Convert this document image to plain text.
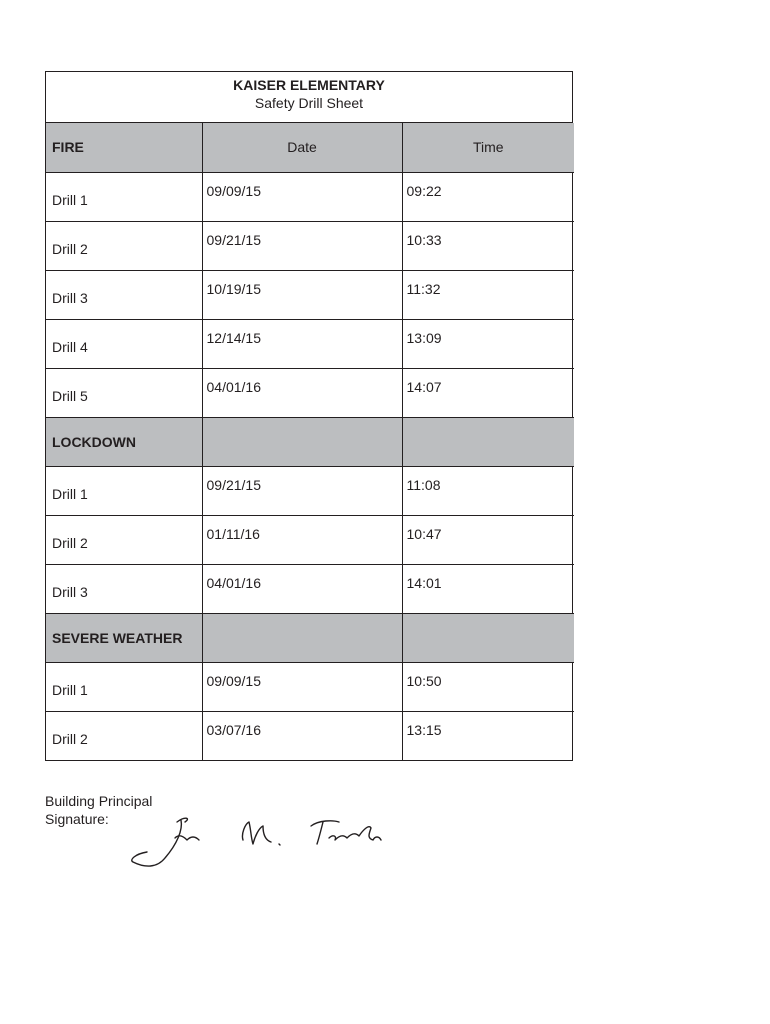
KAISER ELEMENTARY
Safety Drill Sheet
FIRE	Date	Time
Drill 1	09/09/15	09:22
Drill 2	09/21/15	10:33
Drill 3	10/19/15	11:32
Drill 4	12/14/15	13:09
Drill 5	04/01/16	14:07
LOCKDOWN		
Drill 1	09/21/15	11:08
Drill 2	01/11/16	10:47
Drill 3	04/01/16	14:01
SEVERE WEATHER		
Drill 1	09/09/15	10:50
Drill 2	03/07/16	13:15
Building Principal
Signature:
